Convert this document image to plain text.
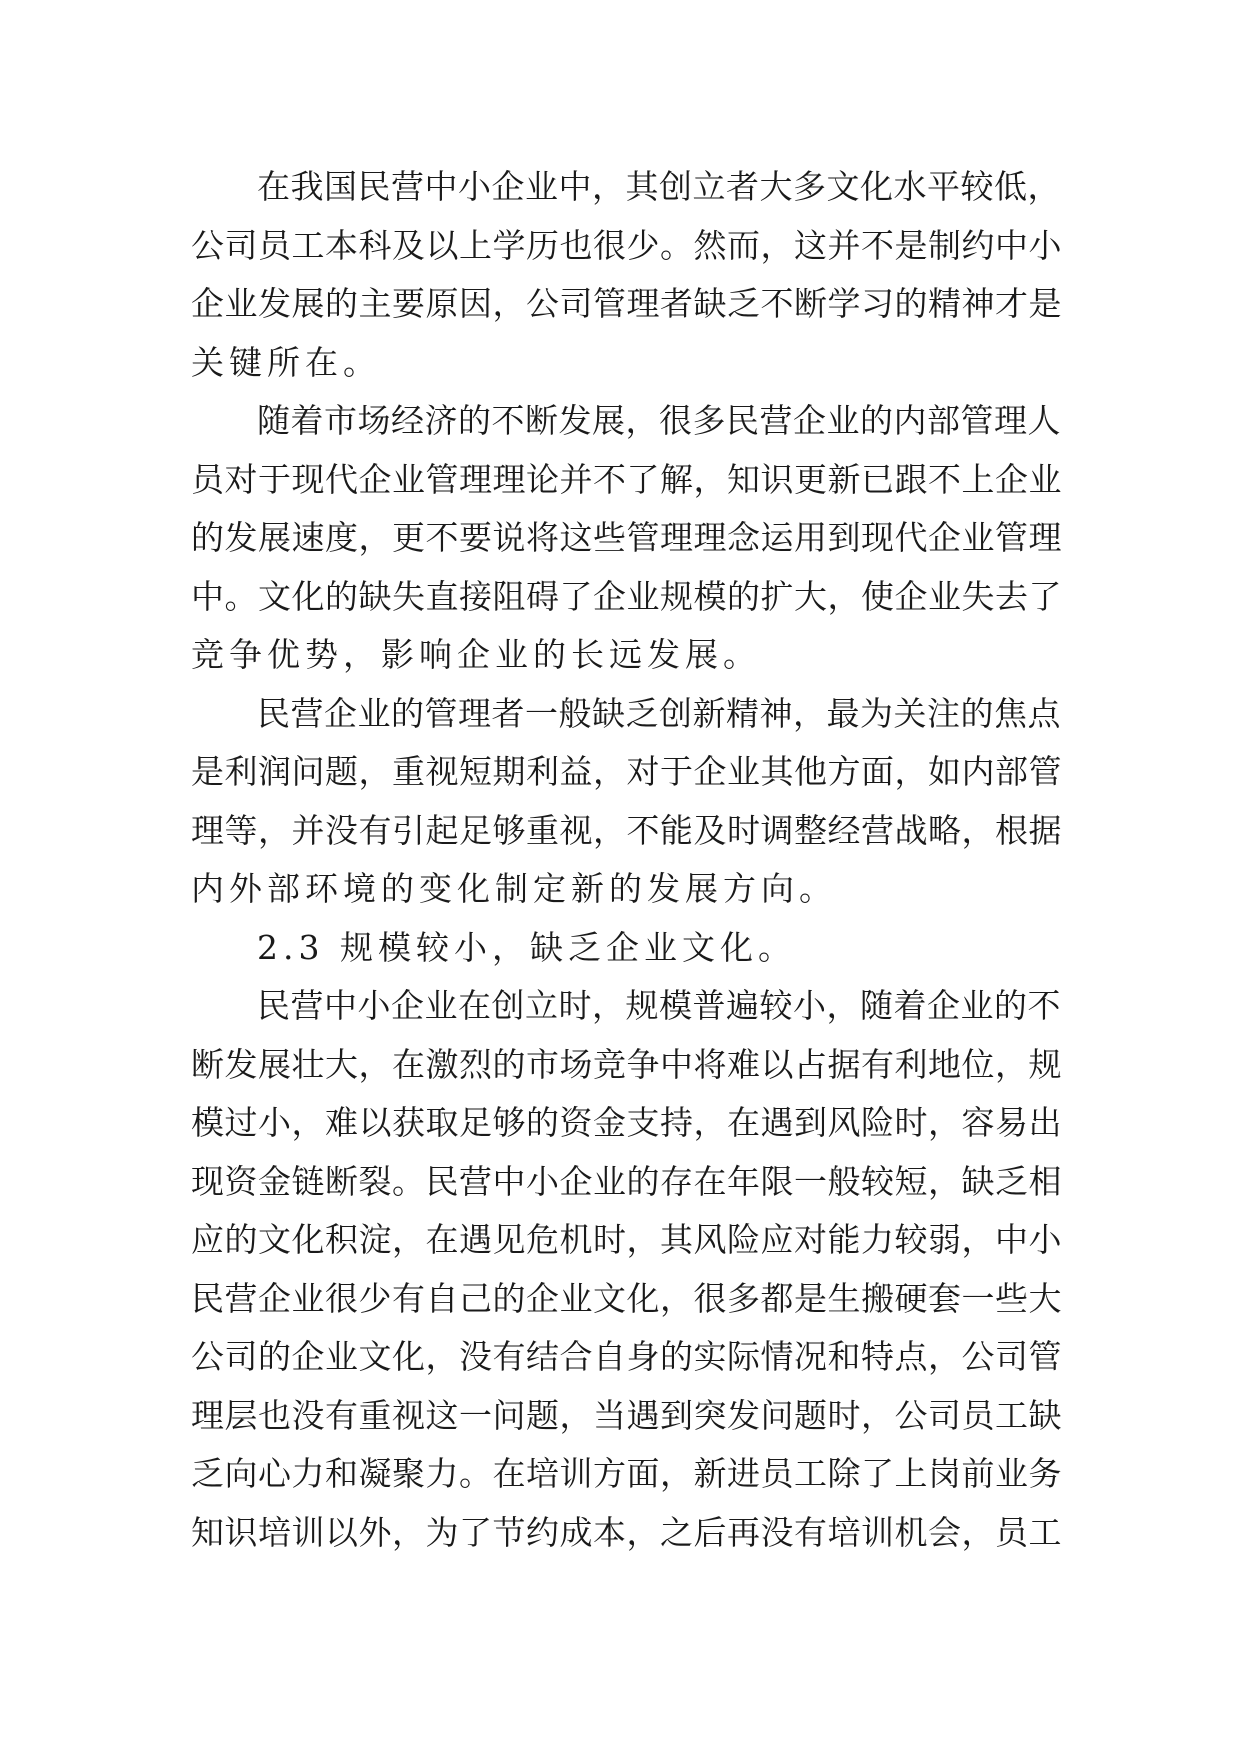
在我国民营中小企业中，其创立者大多文化水平较低，
公司员工本科及以上学历也很少。然而，这并不是制约中小
企业发展的主要原因，公司管理者缺乏不断学习的精神才是
关键所在。
随着市场经济的不断发展，很多民营企业的内部管理人
员对于现代企业管理理论并不了解，知识更新已跟不上企业
的发展速度，更不要说将这些管理理念运用到现代企业管理
中。文化的缺失直接阻碍了企业规模的扩大，使企业失去了
竞争优势，影响企业的长远发展。
民营企业的管理者一般缺乏创新精神，最为关注的焦点
是利润问题，重视短期利益，对于企业其他方面，如内部管
理等，并没有引起足够重视，不能及时调整经营战略，根据
内外部环境的变化制定新的发展方向。
2.3 规模较小，缺乏企业文化。
民营中小企业在创立时，规模普遍较小，随着企业的不
断发展壮大，在激烈的市场竞争中将难以占据有利地位，规
模过小，难以获取足够的资金支持，在遇到风险时，容易出
现资金链断裂。民营中小企业的存在年限一般较短，缺乏相
应的文化积淀，在遇见危机时，其风险应对能力较弱，中小
民营企业很少有自己的企业文化，很多都是生搬硬套一些大
公司的企业文化，没有结合自身的实际情况和特点，公司管
理层也没有重视这一问题，当遇到突发问题时，公司员工缺
乏向心力和凝聚力。在培训方面，新进员工除了上岗前业务
知识培训以外，为了节约成本，之后再没有培训机会，员工
